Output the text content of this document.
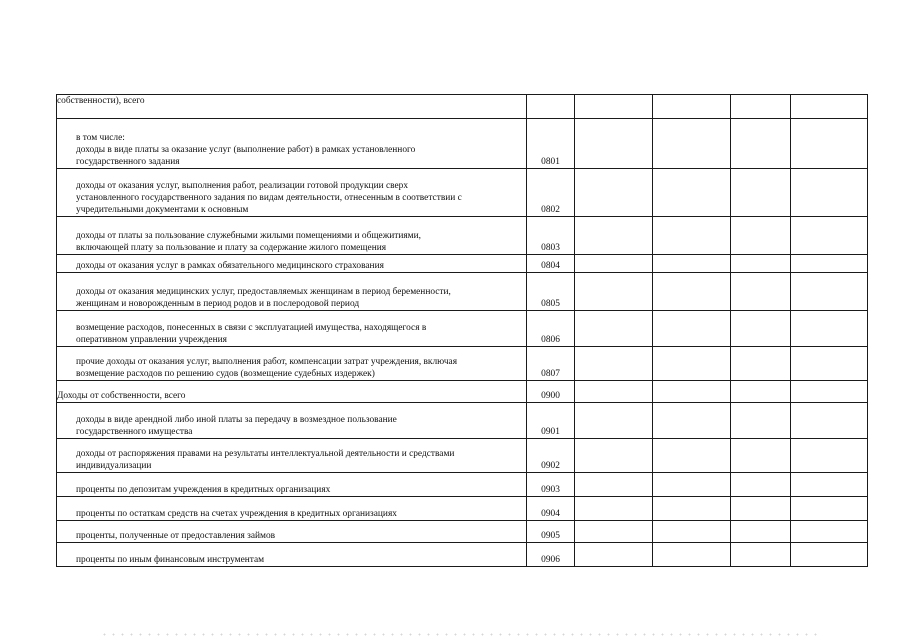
собственности), всего					

в том числе:
доходы в виде платы за оказание услуг (выполнение работ) в рамках установленного
государственного задания	0801				

доходы от оказания услуг, выполнения работ, реализации готовой продукции сверх
установленного государственного задания по видам деятельности, отнесенным в соответствии с
учредительными документами к основным	0802				

доходы от платы за пользование служебными жилыми помещениями и общежитиями,
включающей плату за пользование и плату за содержание жилого помещения	0803				

доходы от оказания услуг в рамках обязательного медицинского страхования	0804				

доходы от оказания медицинских услуг, предоставляемых женщинам в период беременности,
женщинам и новорожденным в период родов и в послеродовой период	0805				

возмещение расходов, понесенных в связи с эксплуатацией имущества, находящегося в
оперативном управлении учреждения	0806				

прочие доходы от оказания услуг, выполнения работ, компенсации затрат учреждения, включая
возмещение расходов по решению судов (возмещение судебных издержек)	0807				

Доходы от собственности, всего	0900				

доходы в виде арендной либо иной платы за передачу в возмездное пользование
государственного имущества	0901				

доходы от распоряжения правами на результаты интеллектуальной деятельности и средствами
индивидуализации	0902				

проценты по депозитам учреждения в кредитных организациях	0903				

проценты по остаткам средств на счетах учреждения в кредитных организациях	0904				

проценты, полученные от предоставления займов	0905				

проценты по иным финансовым инструментам	0906				
